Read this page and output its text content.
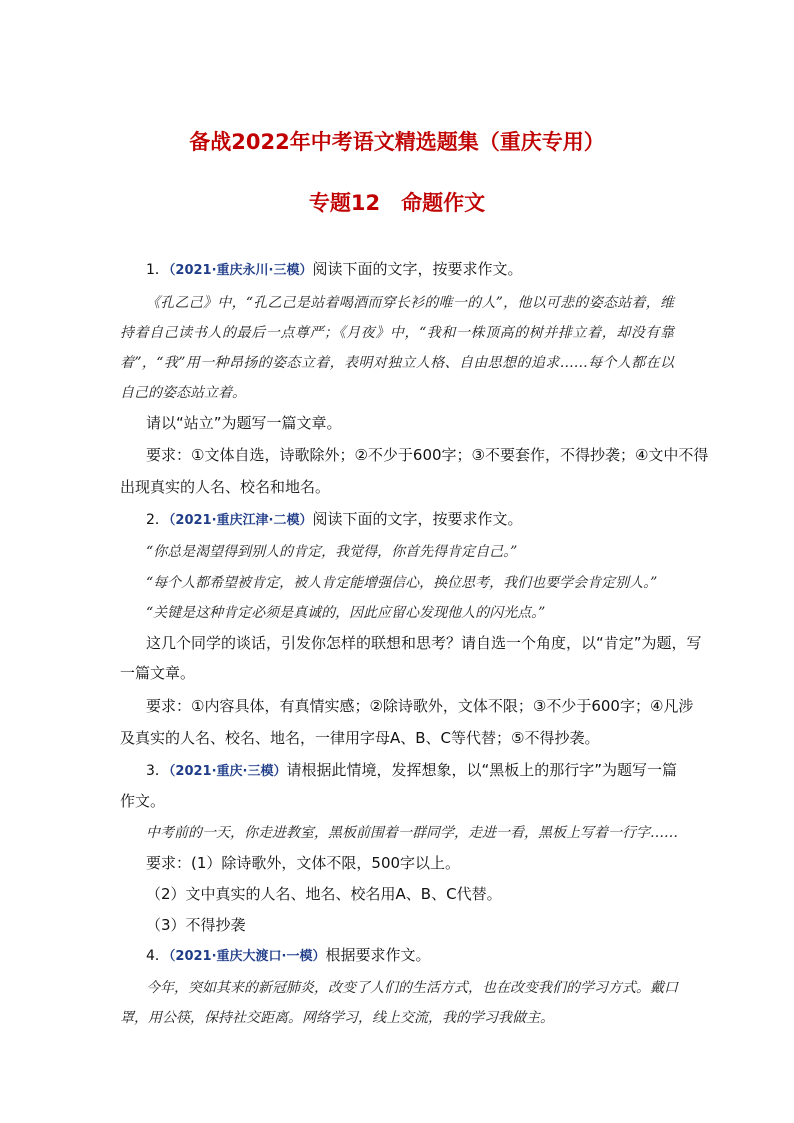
备战2022年中考语文精选题集（重庆专用）
专题12　命题作文
1．（2021·重庆永川·三模）阅读下面的文字，按要求作文。
《孔乙己》中，“孔乙己是站着喝酒而穿长衫的唯一的人”，他以可悲的姿态站着，维
持着自己读书人的最后一点尊严；《月夜》中，“我和一株顶高的树并排立着，却没有靠
着”，“我”用一种昂扬的姿态立着，表明对独立人格、自由思想的追求……每个人都在以
自己的姿态站立着。
请以“站立”为题写一篇文章。
要求：①文体自选，诗歌除外；②不少于600字；③不要套作，不得抄袭；④文中不得
出现真实的人名、校名和地名。
2．（2021·重庆江津·二模）阅读下面的文字，按要求作文。
“你总是渴望得到别人的肯定，我觉得，你首先得肯定自己。”
“每个人都希望被肯定，被人肯定能增强信心，换位思考，我们也要学会肯定别人。”
“关键是这种肯定必须是真诚的，因此应留心发现他人的闪光点。”
这几个同学的谈话，引发你怎样的联想和思考？请自选一个角度，以“肯定”为题，写
一篇文章。
要求：①内容具体，有真情实感；②除诗歌外，文体不限；③不少于600字；④凡涉
及真实的人名、校名、地名，一律用字母A、B、C等代替；⑤不得抄袭。
3．（2021·重庆·三模）请根据此情境，发挥想象，以“黑板上的那行字”为题写一篇
作文。
中考前的一天，你走进教室，黑板前围着一群同学，走进一看，黑板上写着一行字……
要求：(1）除诗歌外，文体不限，500字以上。
（2）文中真实的人名、地名、校名用A、B、C代替。
（3）不得抄袭
4．（2021·重庆大渡口·一模）根据要求作文。
今年，突如其来的新冠肺炎，改变了人们的生活方式，也在改变我们的学习方式。戴口
罩，用公筷，保持社交距离。网络学习，线上交流，我的学习我做主。
